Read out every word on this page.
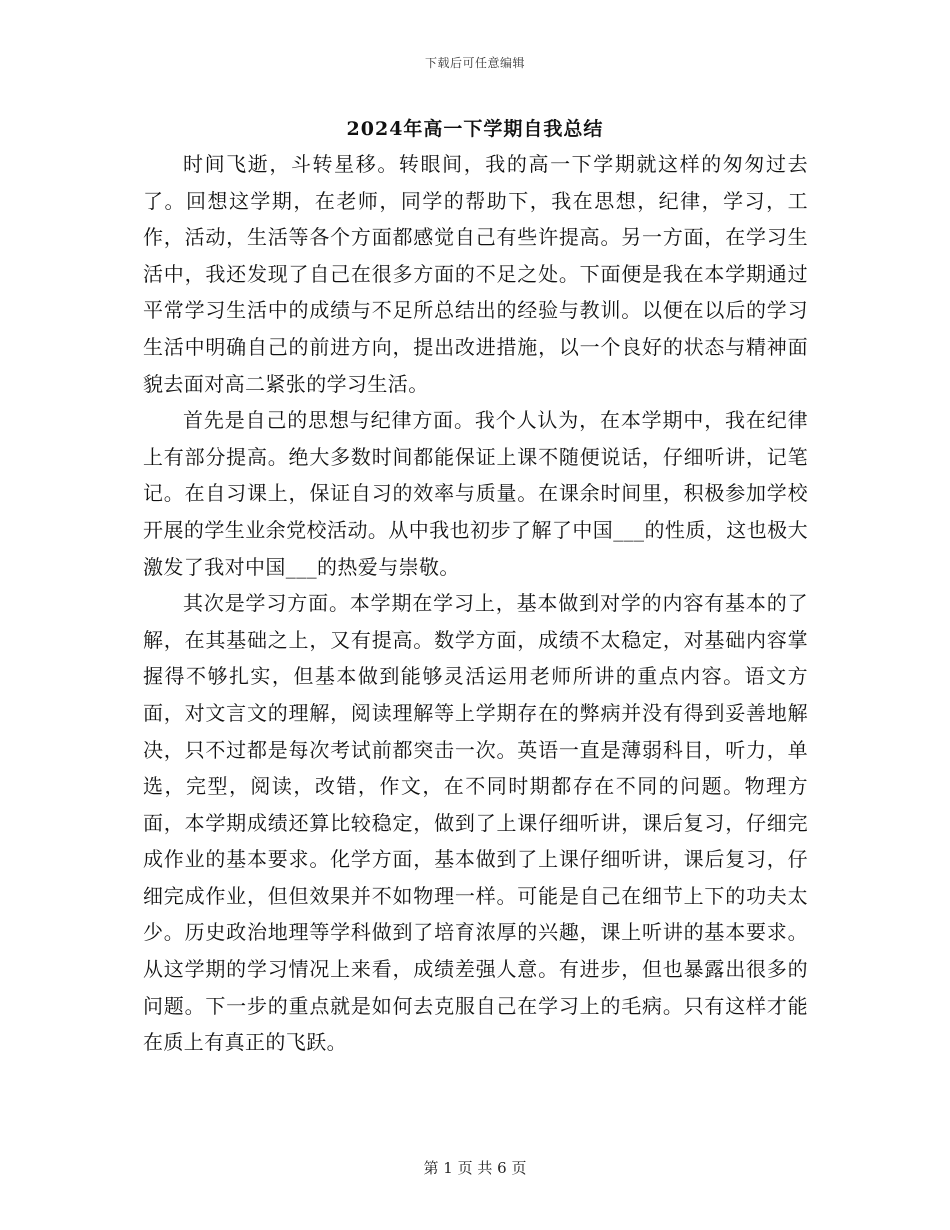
下载后可任意编辑
2024年高一下学期自我总结

时间飞逝，斗转星移。转眼间，我的高一下学期就这样的匆匆过去了。回想这学期，在老师，同学的帮助下，我在思想，纪律，学习，工作，活动，生活等各个方面都感觉自己有些许提高。另一方面，在学习生活中，我还发现了自己在很多方面的不足之处。下面便是我在本学期通过平常学习生活中的成绩与不足所总结出的经验与教训。以便在以后的学习生活中明确自己的前进方向，提出改进措施，以一个良好的状态与精神面貌去面对高二紧张的学习生活。

首先是自己的思想与纪律方面。我个人认为，在本学期中，我在纪律上有部分提高。绝大多数时间都能保证上课不随便说话，仔细听讲，记笔记。在自习课上，保证自习的效率与质量。在课余时间里，积极参加学校开展的学生业余党校活动。从中我也初步了解了中国___的性质，这也极大激发了我对中国___的热爱与崇敬。

其次是学习方面。本学期在学习上，基本做到对学的内容有基本的了解，在其基础之上，又有提高。数学方面，成绩不太稳定，对基础内容掌握得不够扎实，但基本做到能够灵活运用老师所讲的重点内容。语文方面，对文言文的理解，阅读理解等上学期存在的弊病并没有得到妥善地解决，只不过都是每次考试前都突击一次。英语一直是薄弱科目，听力，单选，完型，阅读，改错，作文，在不同时期都存在不同的问题。物理方面，本学期成绩还算比较稳定，做到了上课仔细听讲，课后复习，仔细完成作业的基本要求。化学方面，基本做到了上课仔细听讲，课后复习，仔细完成作业，但但效果并不如物理一样。可能是自己在细节上下的功夫太少。历史政治地理等学科做到了培育浓厚的兴趣，课上听讲的基本要求。从这学期的学习情况上来看，成绩差强人意。有进步，但也暴露出很多的问题。下一步的重点就是如何去克服自己在学习上的毛病。只有这样才能在质上有真正的飞跃。

第 1 页 共 6 页
